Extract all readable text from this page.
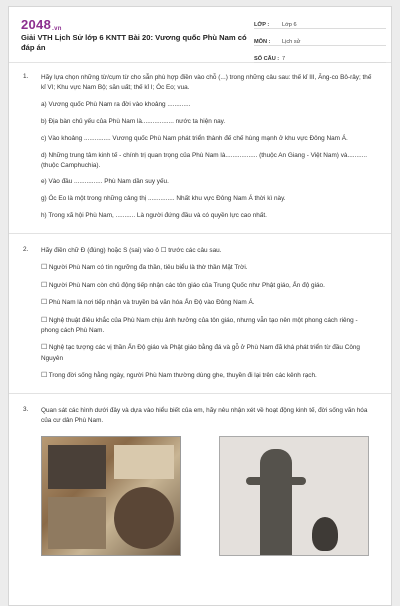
2048.vn
Giải VTH Lịch Sử lớp 6 KNTT Bài 20: Vương quốc Phù Nam có đáp án
LỚP :	Lớp 6
MÔN :	Lịch sử
SỐ CÂU : 7
1. Hãy lựa chọn những từ/cụm từ cho sẵn phù hợp điền vào chỗ (...) trong những câu sau: thế kỉ III, Ăng-co Bô-rây; thế kỉ VI; Khu vực Nam Bộ; săn uất; thế kỉ I; Óc Eo; vua.
a) Vương quốc Phù Nam ra đời vào khoảng .............
b) Địa bàn chủ yếu của Phù Nam là.................. nước ta hiện nay.
c) Vào khoảng ............... Vương quốc Phù Nam phát triển thành đế chế hùng mạnh ở khu vực Đông Nam Á.
d) Những trung tâm kinh tế - chính trị quan trọng của Phù Nam là.................. (thuộc An Giang - Việt Nam) và........... (thuộc Camphuchia).
e) Vào đầu ................ Phù Nam dần suy yếu.
g) Óc Eo là một trong những cảng thị ............... Nhất khu vực Đông Nam Á thời kì này.
h) Trong xã hội Phù Nam, ........... Là người đứng đầu và có quyền lực cao nhất.
2. Hãy điền chữ Đ (đúng) hoặc S (sai) vào ô ☐ trước các câu sau.
☐ Người Phù Nam có tín ngưỡng đa thần, tiêu biểu là thờ thần Mặt Trời.
☐ Người Phù Nam còn chủ động tiếp nhận các tôn giáo của Trung Quốc như Phật giáo, Ấn độ giáo.
☐ Phù Nam là nơi tiếp nhận và truyền bá văn hóa Ấn Độ vào Đông Nam Á.
☐ Nghệ thuật điêu khắc của Phù Nam chịu ảnh hưởng của tôn giáo, nhưng vẫn tạo nên một phong cách riêng - phong cách Phù Nam.
☐ Nghệ tạc tượng các vị thần Ấn Độ giáo và Phật giáo bằng đá và gỗ ở Phù Nam đã khá phát triển từ đầu Công Nguyên
☐ Trong đời sống hằng ngày, người Phù Nam thường dùng ghe, thuyền đi lại trên các kênh rạch.
3. Quan sát các hình dưới đây và dựa vào hiểu biết của em, hãy nêu nhận xét về hoạt động kinh tế, đời sống văn hóa của cư dân Phù Nam.
